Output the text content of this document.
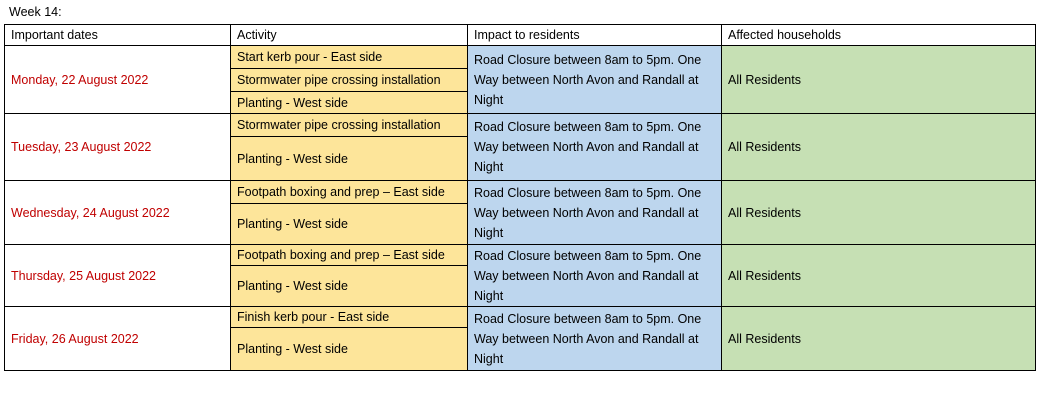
Week 14:
Important dates	Activity	Impact to residents	Affected households
Monday, 22 August 2022	Start kerb pour - East side	Road Closure between 8am to 5pm. One Way between North Avon and Randall at Night	All Residents
	Stormwater pipe crossing installation		
	Planting - West side		
Tuesday, 23 August 2022	Stormwater pipe crossing installation	Road Closure between 8am to 5pm. One Way between North Avon and Randall at Night	All Residents
	Planting - West side		
Wednesday, 24 August 2022	Footpath boxing and prep – East side	Road Closure between 8am to 5pm. One Way between North Avon and Randall at Night	All Residents
	Planting - West side		
Thursday, 25 August 2022	Footpath boxing and prep – East side	Road Closure between 8am to 5pm. One Way between North Avon and Randall at Night	All Residents
	Planting - West side		
Friday, 26 August 2022	Finish kerb pour - East side	Road Closure between 8am to 5pm. One Way between North Avon and Randall at Night	All Residents
	Planting - West side		
